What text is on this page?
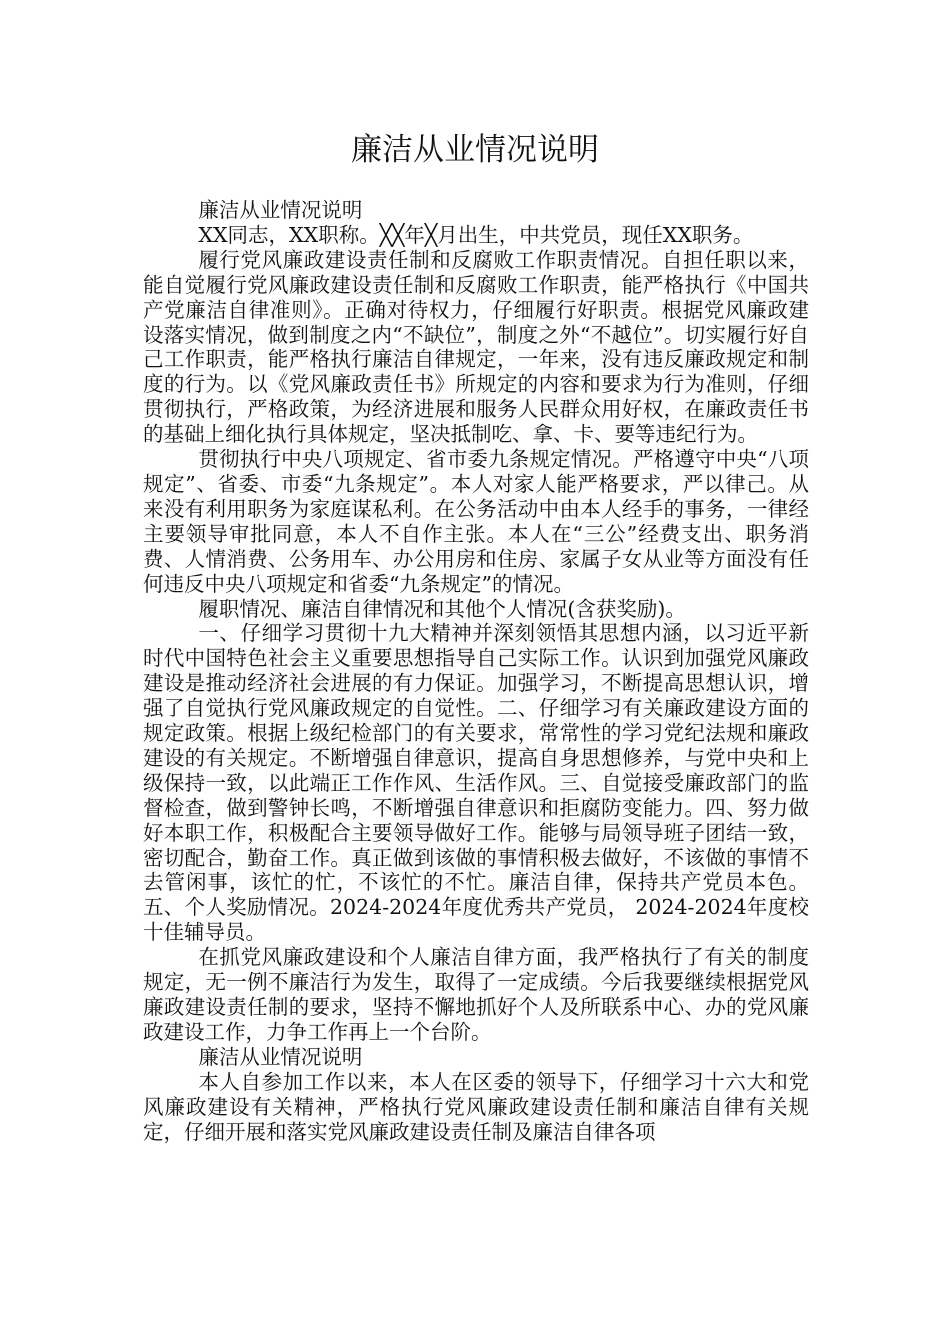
廉洁从业情况说明

廉洁从业情况说明

XX同志，XX职称。╳╳年╳月出生，中共党员，现任XX职务。

履行党风廉政建设责任制和反腐败工作职责情况。自担任职以来，能自觉履行党风廉政建设责任制和反腐败工作职责，能严格执行《中国共产党廉洁自律准则》。正确对待权力，仔细履行好职责。根据党风廉政建设落实情况，做到制度之内“不缺位”，制度之外“不越位”。切实履行好自己工作职责，能严格执行廉洁自律规定，一年来，没有违反廉政规定和制度的行为。以《党风廉政责任书》所规定的内容和要求为行为准则，仔细贯彻执行，严格政策，为经济进展和服务人民群众用好权，在廉政责任书的基础上细化执行具体规定，坚决抵制吃、拿、卡、要等违纪行为。

贯彻执行中央八项规定、省市委九条规定情况。严格遵守中央“八项规定”、省委、市委“九条规定”。本人对家人能严格要求，严以律己。从来没有利用职务为家庭谋私利。在公务活动中由本人经手的事务，一律经主要领导审批同意，本人不自作主张。本人在“三公”经费支出、职务消费、人情消费、公务用车、办公用房和住房、家属子女从业等方面没有任何违反中央八项规定和省委“九条规定”的情况。

履职情况、廉洁自律情况和其他个人情况(含获奖励)。

一、仔细学习贯彻十九大精神并深刻领悟其思想内涵，以习近平新时代中国特色社会主义重要思想指导自己实际工作。认识到加强党风廉政建设是推动经济社会进展的有力保证。加强学习，不断提高思想认识，增强了自觉执行党风廉政规定的自觉性。二、仔细学习有关廉政建设方面的规定政策。根据上级纪检部门的有关要求，常常性的学习党纪法规和廉政建设的有关规定。不断增强自律意识，提高自身思想修养，与党中央和上级保持一致，以此端正工作作风、生活作风。三、自觉接受廉政部门的监督检查，做到警钟长鸣，不断增强自律意识和拒腐防变能力。四、努力做好本职工作，积极配合主要领导做好工作。能够与局领导班子团结一致，密切配合，勤奋工作。真正做到该做的事情积极去做好，不该做的事情不去管闲事，该忙的忙，不该忙的不忙。廉洁自律，保持共产党员本色。五、个人奖励情况。2024-2024年度优秀共产党员， 2024-2024年度校十佳辅导员。

在抓党风廉政建设和个人廉洁自律方面，我严格执行了有关的制度规定，无一例不廉洁行为发生，取得了一定成绩。今后我要继续根据党风廉政建设责任制的要求，坚持不懈地抓好个人及所联系中心、办的党风廉政建设工作，力争工作再上一个台阶。

廉洁从业情况说明

本人自参加工作以来，本人在区委的领导下，仔细学习十六大和党风廉政建设有关精神，严格执行党风廉政建设责任制和廉洁自律有关规定，仔细开展和落实党风廉政建设责任制及廉洁自律各项
